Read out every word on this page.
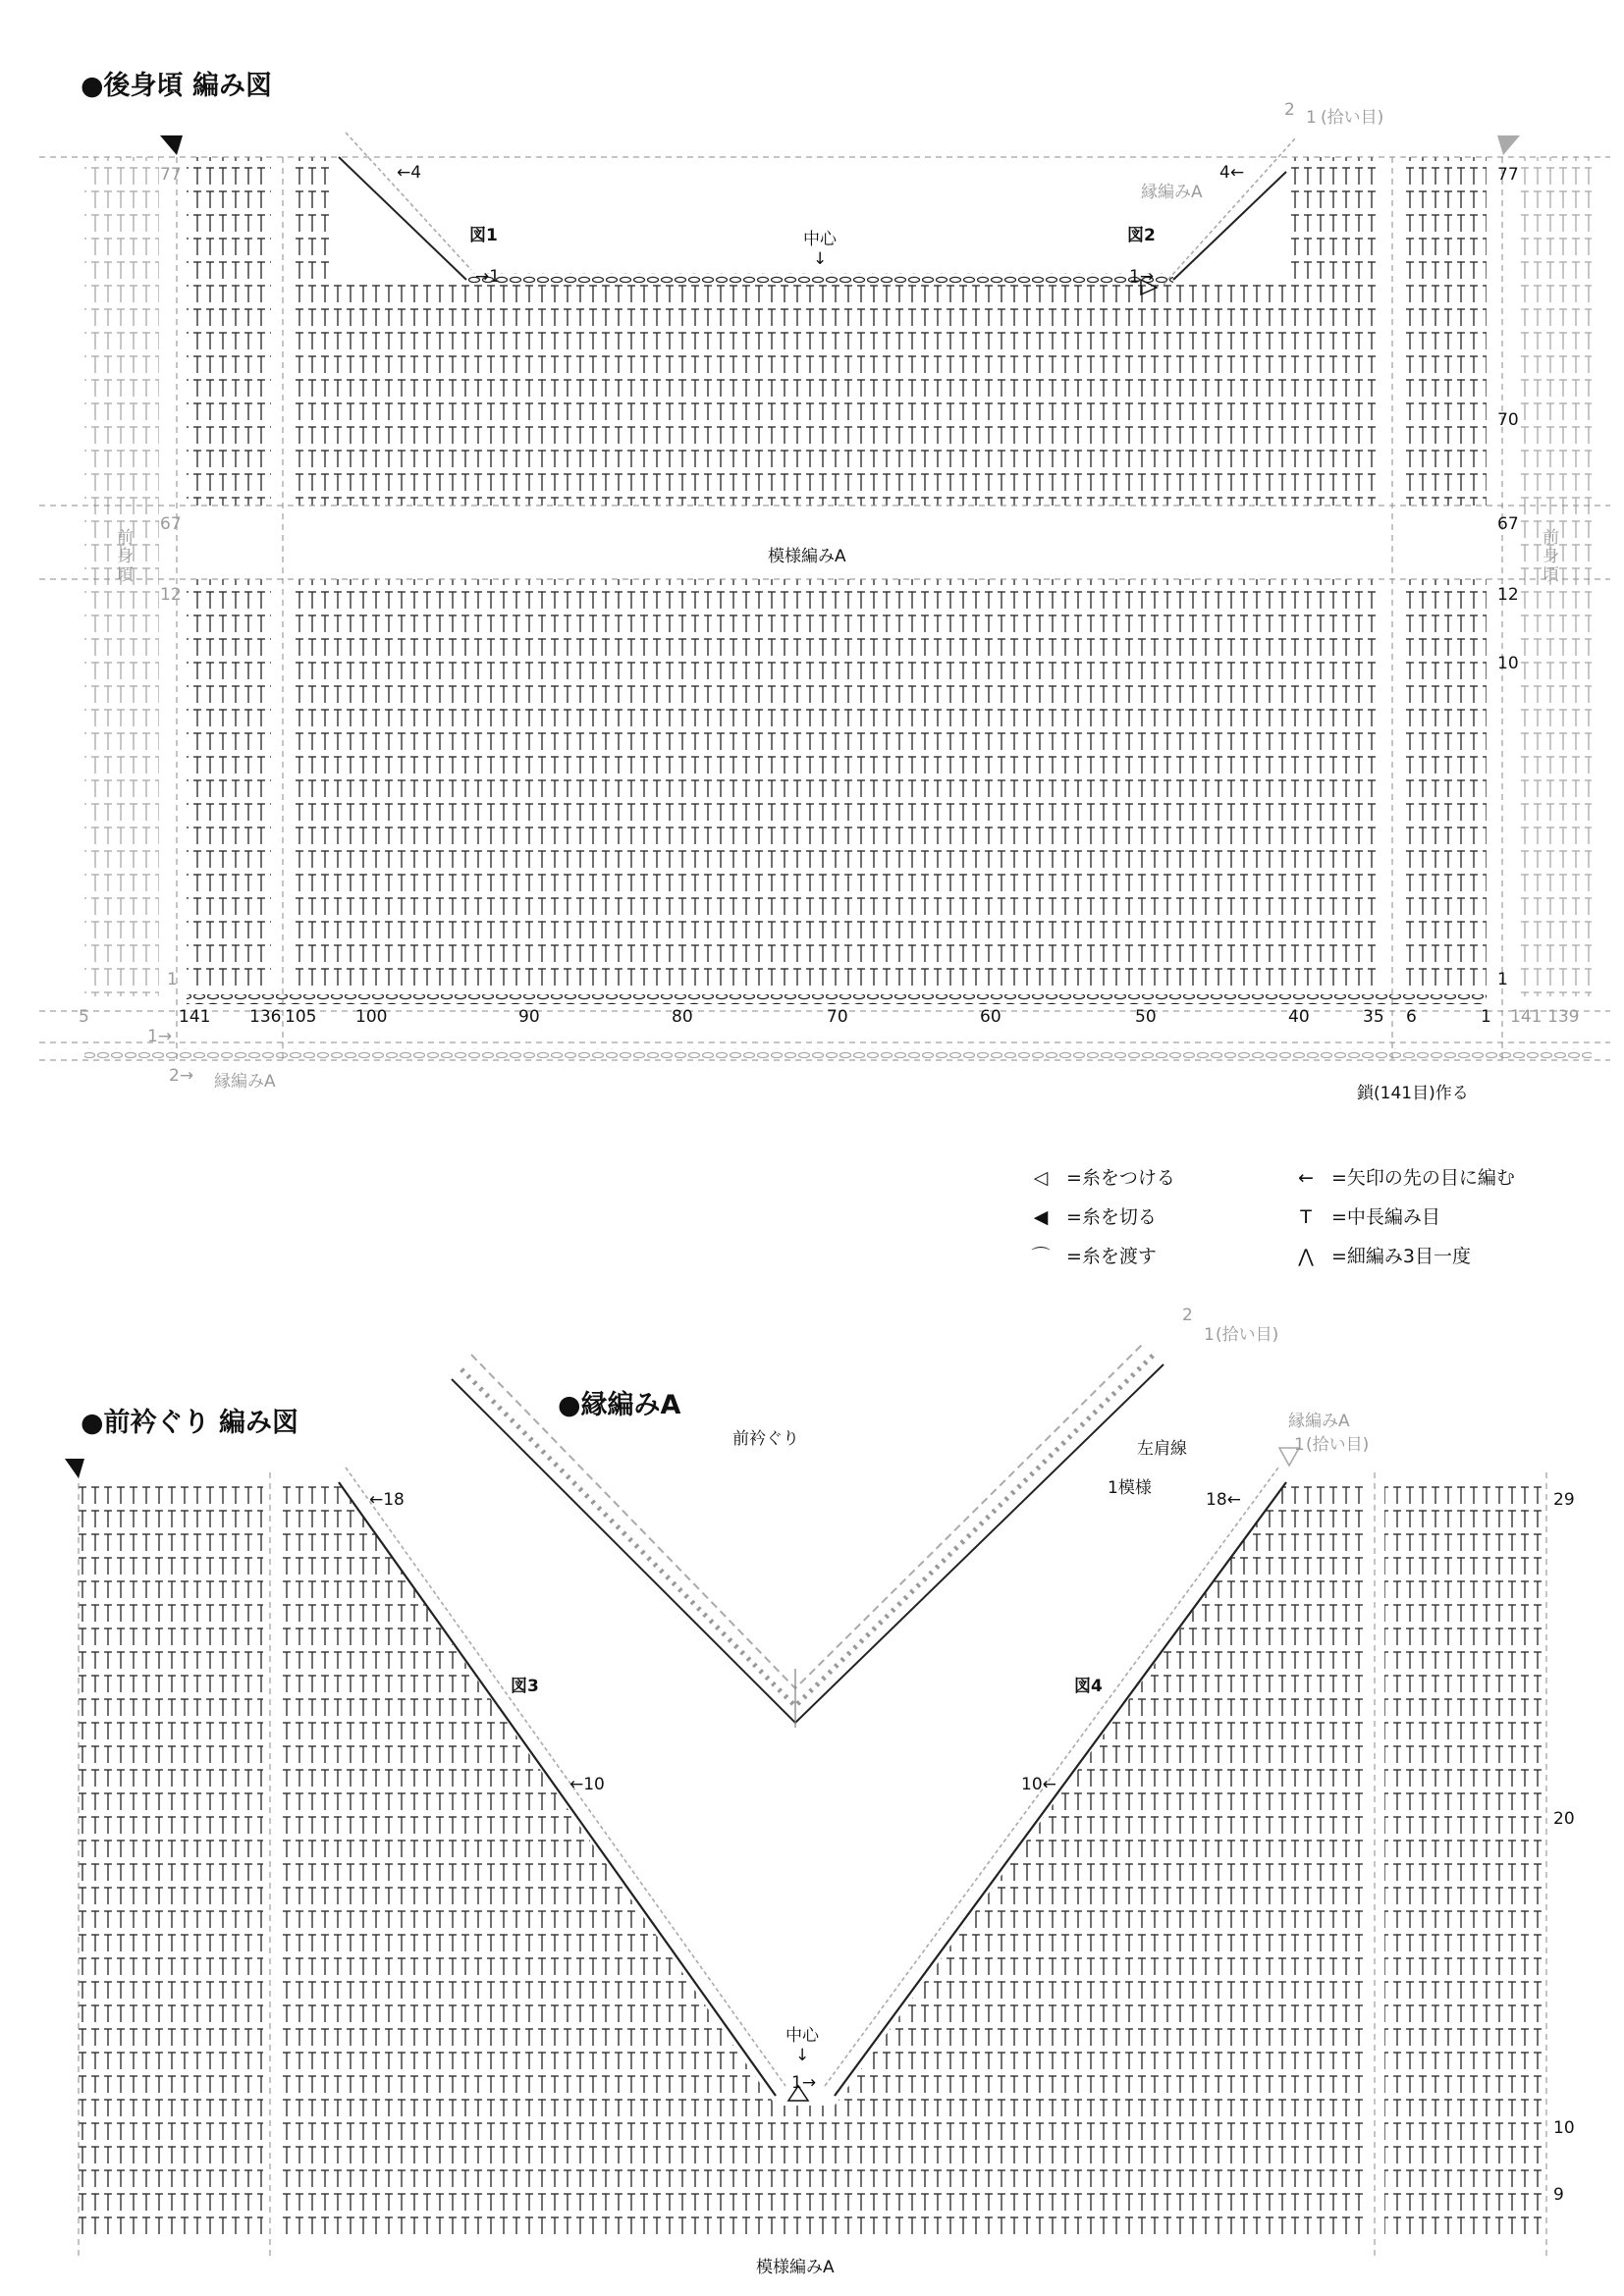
●後身頃 編み図
図1	図2
中心
↓
←4
→1
4←
1→
2 1 (拾い目)
縁編みA
模様編みA
77
70
67
12
10
1
77
67
12
1
前身頃	前身頃
5	141 136 105 100	90	80	70	60	50	40	35 6	1 141 139
1→
2→ 縁編みA
鎖(141目)作る
◁ =糸をつける
◀ =糸を切る
⌒ =糸を渡す
← =矢印の先の目に編む
T =中長編み目
⋀ =細編み3目一度
●縁編みA
前衿ぐり	左肩線
1模様
2
1 (拾い目)
●前衿ぐり 編み図
図3	図4
中心
↓
1→
模様編みA
←18
←10
18←
10←
縁編みA
1 (拾い目)
29
20
10
9
